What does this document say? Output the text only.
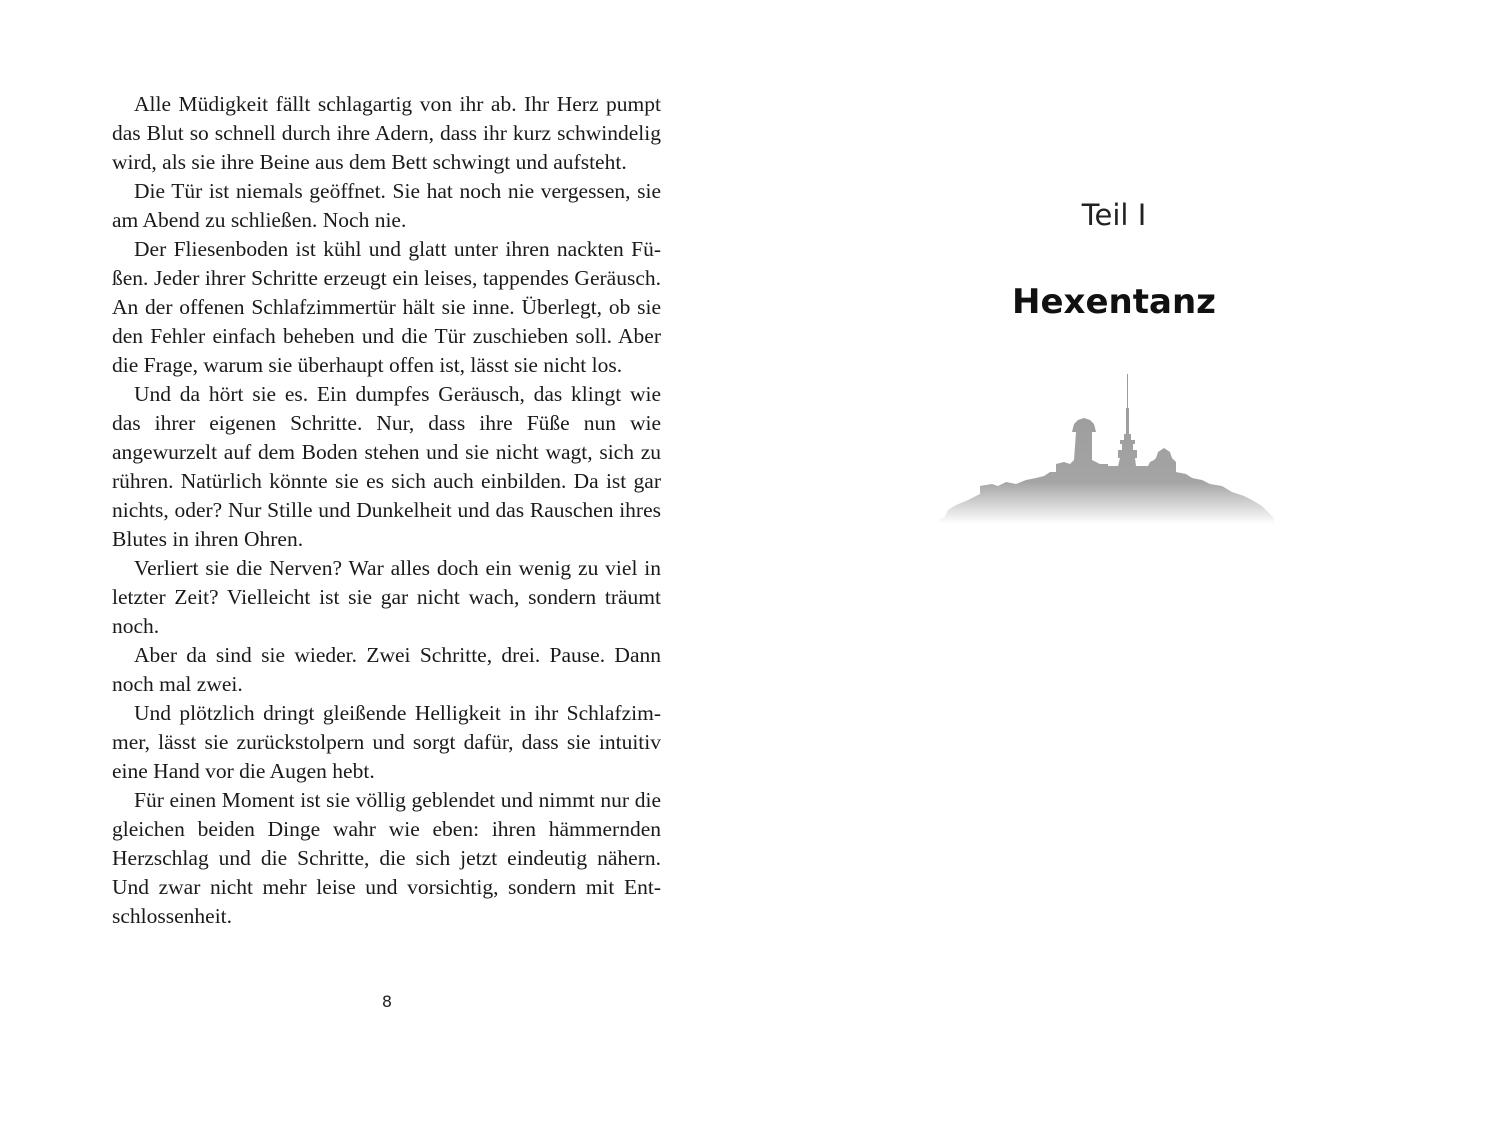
Alle Müdigkeit fällt schlagartig von ihr ab. Ihr Herz pumpt das Blut so schnell durch ihre Adern, dass ihr kurz schwindelig wird, als sie ihre Beine aus dem Bett schwingt und aufsteht.

Die Tür ist niemals geöffnet. Sie hat noch nie vergessen, sie am Abend zu schließen. Noch nie.

Der Fliesenboden ist kühl und glatt unter ihren nackten Füßen. Jeder ihrer Schritte erzeugt ein leises, tappendes Geräusch. An der offenen Schlafzimmertür hält sie inne. Überlegt, ob sie den Fehler einfach beheben und die Tür zuschieben soll. Aber die Frage, warum sie überhaupt offen ist, lässt sie nicht los.

Und da hört sie es. Ein dumpfes Geräusch, das klingt wie das ihrer eigenen Schritte. Nur, dass ihre Füße nun wie angewurzelt auf dem Boden stehen und sie nicht wagt, sich zu rühren. Natürlich könnte sie es sich auch einbilden. Da ist gar nichts, oder? Nur Stille und Dunkelheit und das Rauschen ihres Blutes in ihren Ohren.

Verliert sie die Nerven? War alles doch ein wenig zu viel in letzter Zeit? Vielleicht ist sie gar nicht wach, sondern träumt noch.

Aber da sind sie wieder. Zwei Schritte, drei. Pause. Dann noch mal zwei.

Und plötzlich dringt gleißende Helligkeit in ihr Schlafzimmer, lässt sie zurückstolpern und sorgt dafür, dass sie intuitiv eine Hand vor die Augen hebt.

Für einen Moment ist sie völlig geblendet und nimmt nur die gleichen beiden Dinge wahr wie eben: ihren hämmernden Herzschlag und die Schritte, die sich jetzt eindeutig nähern. Und zwar nicht mehr leise und vorsichtig, sondern mit Entschlossenheit.

8
Teil I
Hexentanz
